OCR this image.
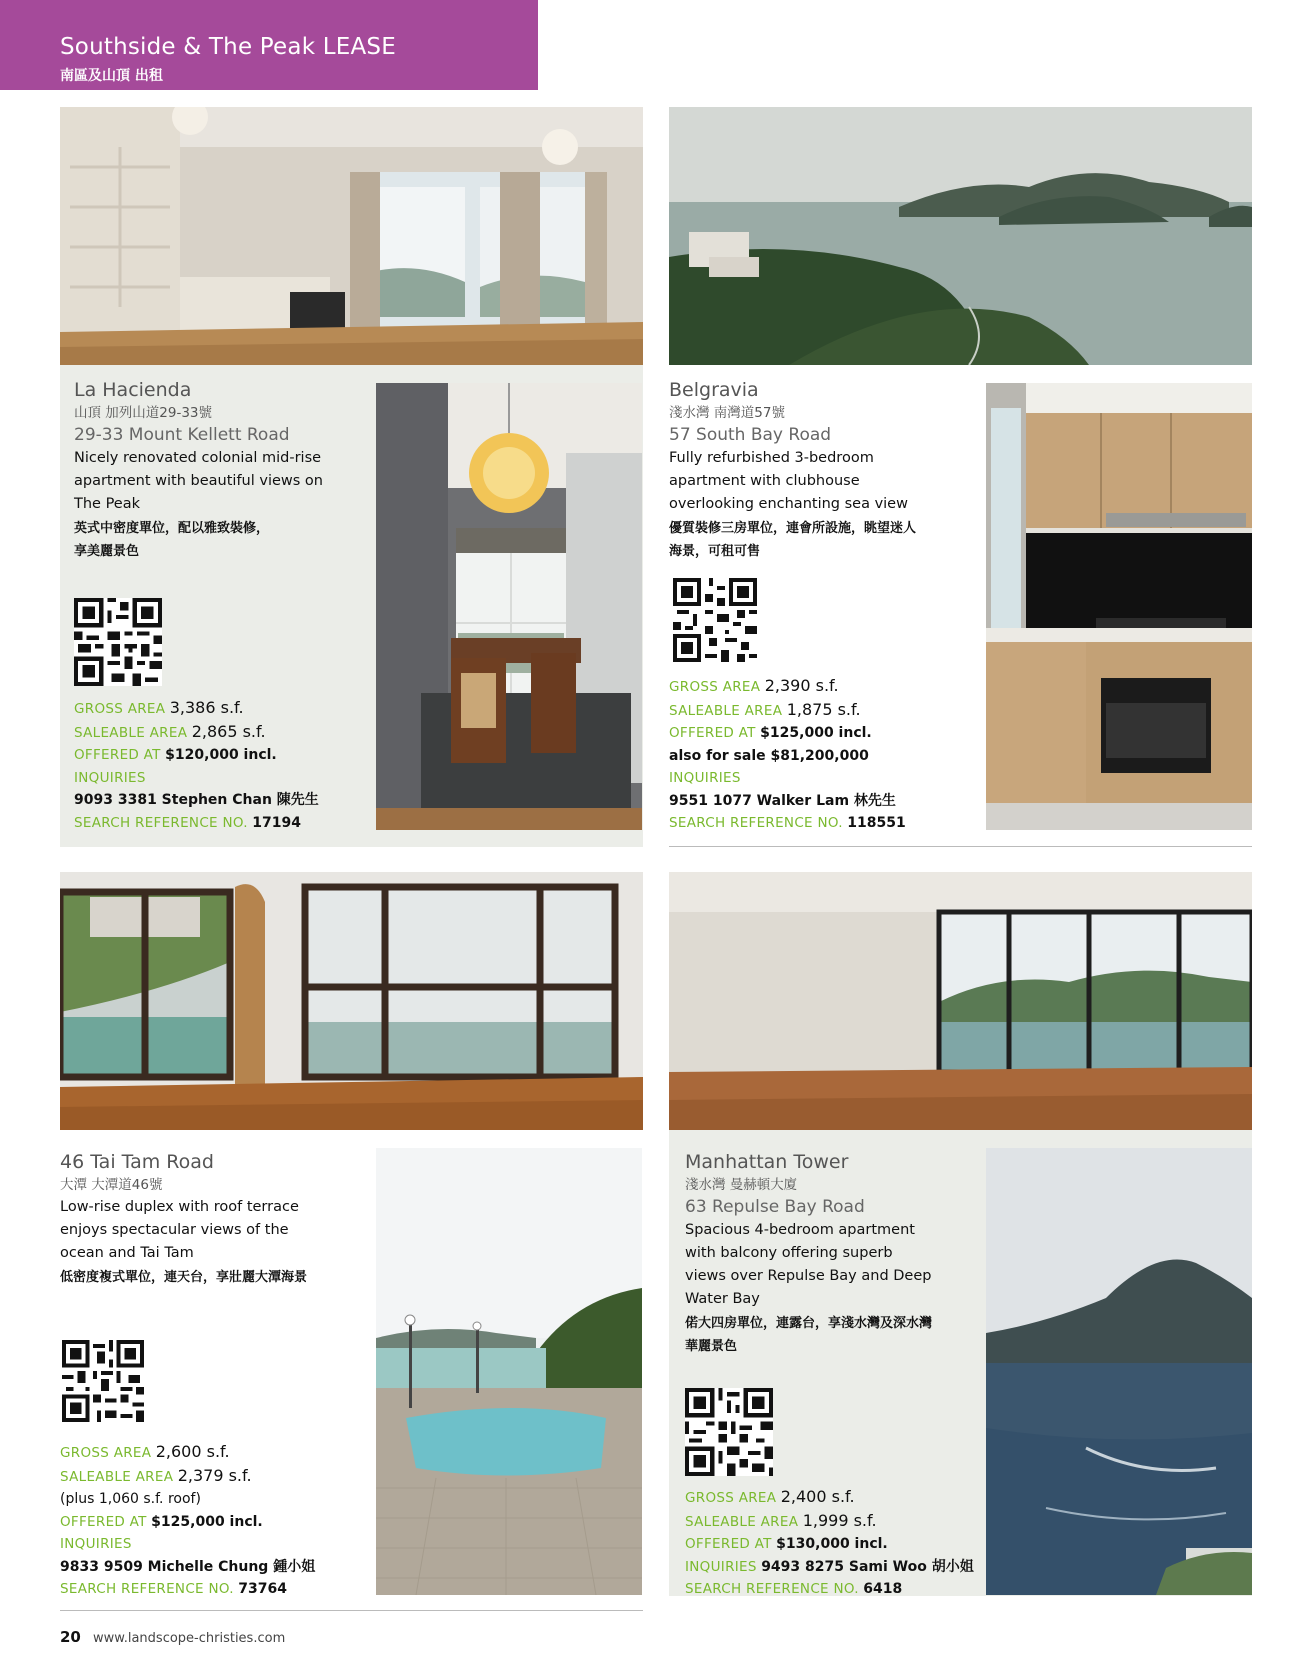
Southside & The Peak LEASE
南區及山頂 出租
La Hacienda
山頂 加列山道29-33號
29-33 Mount Kellett Road
Nicely renovated colonial mid-rise
apartment with beautiful views on
The Peak
英式中密度單位，配以雅致裝修，
享美麗景色
GROSS AREA 3,386 s.f.
SALEABLE AREA 2,865 s.f.
OFFERED AT $120,000 incl.
INQUIRIES
9093 3381 Stephen Chan 陳先生
SEARCH REFERENCE NO. 17194
Belgravia
淺水灣 南灣道57號
57 South Bay Road
Fully refurbished 3-bedroom
apartment with clubhouse
overlooking enchanting sea view
優質裝修三房單位，連會所設施，眺望迷人
海景，可租可售
GROSS AREA 2,390 s.f.
SALEABLE AREA 1,875 s.f.
OFFERED AT $125,000 incl.
also for sale $81,200,000
INQUIRIES
9551 1077 Walker Lam 林先生
SEARCH REFERENCE NO. 118551
46 Tai Tam Road
大潭 大潭道46號
Low-rise duplex with roof terrace
enjoys spectacular views of the
ocean and Tai Tam
低密度複式單位，連天台，享壯麗大潭海景
GROSS AREA 2,600 s.f.
SALEABLE AREA 2,379 s.f.
(plus 1,060 s.f. roof)
OFFERED AT $125,000 incl.
INQUIRIES
9833 9509 Michelle Chung 鍾小姐
SEARCH REFERENCE NO. 73764
Manhattan Tower
淺水灣 曼赫頓大廈
63 Repulse Bay Road
Spacious 4-bedroom apartment
with balcony offering superb
views over Repulse Bay and Deep
Water Bay
偌大四房單位，連露台，享淺水灣及深水灣
華麗景色
GROSS AREA 2,400 s.f.
SALEABLE AREA 1,999 s.f.
OFFERED AT $130,000 incl.
INQUIRIES 9493 8275 Sami Woo 胡小姐
SEARCH REFERENCE NO. 6418
20 www.landscope-christies.com
